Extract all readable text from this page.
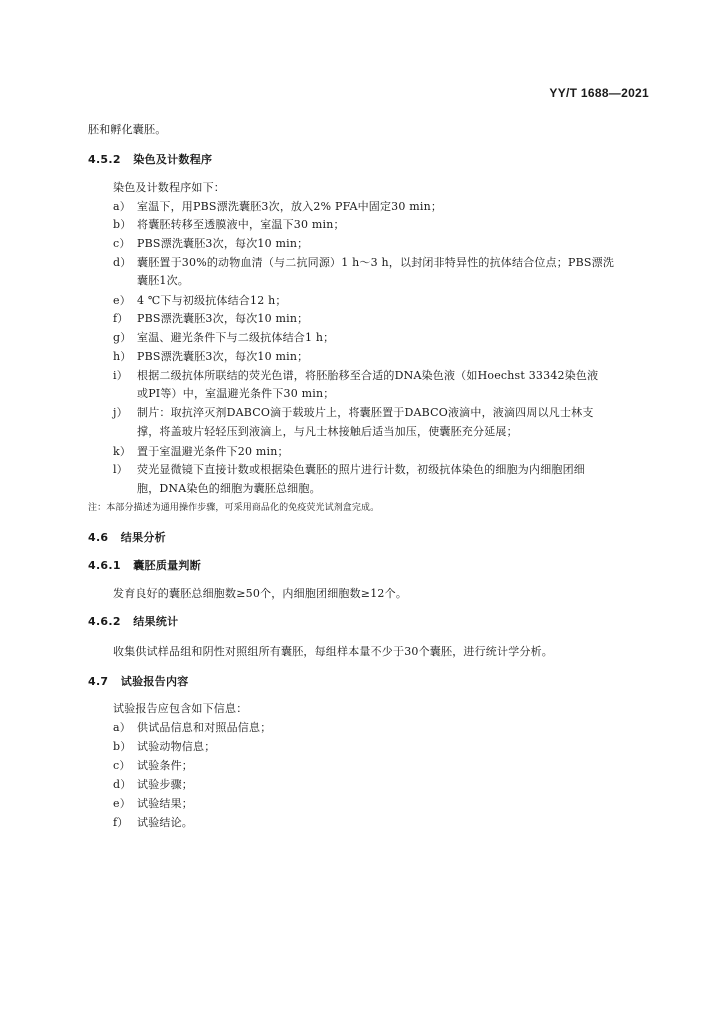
YY/T 1688—2021
胚和孵化囊胚。
4.5.2 染色及计数程序
染色及计数程序如下：
a） 室温下，用PBS漂洗囊胚3次，放入2% PFA中固定30 min；
b） 将囊胚转移至透膜液中，室温下30 min；
c） PBS漂洗囊胚3次，每次10 min；
d） 囊胚置于30%的动物血清（与二抗同源）1 h～3 h，以封闭非特异性的抗体结合位点；PBS漂洗
囊胚1次。
e） 4 ℃下与初级抗体结合12 h；
f） PBS漂洗囊胚3次，每次10 min；
g） 室温、避光条件下与二级抗体结合1 h；
h） PBS漂洗囊胚3次，每次10 min；
i） 根据二级抗体所联结的荧光色谱，将胚胎移至合适的DNA染色液（如Hoechst 33342染色液
或PI等）中，室温避光条件下30 min；
j） 制片：取抗淬灭剂DABCO滴于载玻片上，将囊胚置于DABCO液滴中，液滴四周以凡士林支
撑，将盖玻片轻轻压到液滴上，与凡士林接触后适当加压，使囊胚充分延展；
k） 置于室温避光条件下20 min；
l） 荧光显微镜下直接计数或根据染色囊胚的照片进行计数，初级抗体染色的细胞为内细胞团细
胞，DNA染色的细胞为囊胚总细胞。
注：本部分描述为通用操作步骤，可采用商品化的免疫荧光试剂盒完成。
4.6 结果分析
4.6.1 囊胚质量判断
发育良好的囊胚总细胞数≥50个，内细胞团细胞数≥12个。
4.6.2 结果统计
收集供试样品组和阴性对照组所有囊胚，每组样本量不少于30个囊胚，进行统计学分析。
4.7 试验报告内容
试验报告应包含如下信息：
a） 供试品信息和对照品信息；
b） 试验动物信息；
c） 试验条件；
d） 试验步骤；
e） 试验结果；
f） 试验结论。
